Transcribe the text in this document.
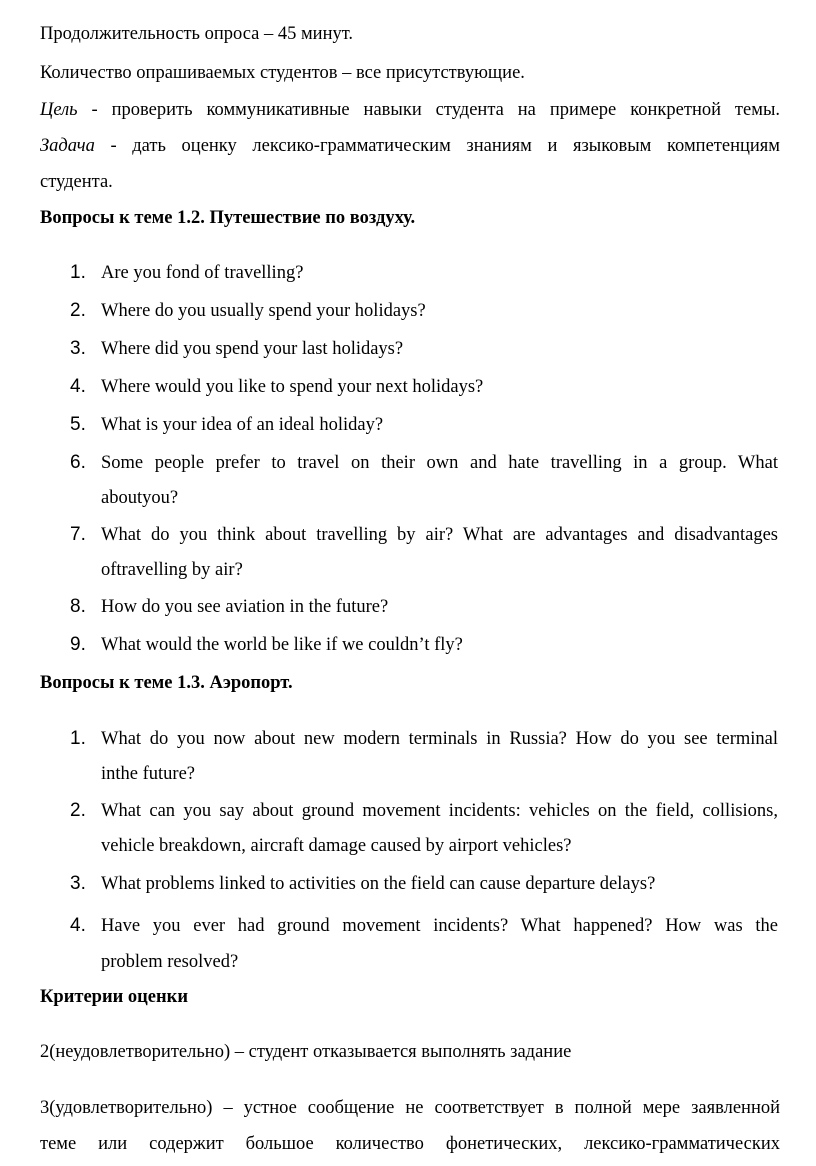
Продолжительность опроса – 45 минут.
Количество опрашиваемых студентов – все присутствующие.
Цель - проверить коммуникативные навыки студента на примере конкретной темы.
Задача - дать оценку лексико-грамматическим знаниям и языковым компетенциям
студента.
Вопросы к теме 1.2. Путешествие по воздуху.
1. Are you fond of travelling?
2. Where do you usually spend your holidays?
3. Where did you spend your last holidays?
4. Where would you like to spend your next holidays?
5. What is your idea of an ideal holiday?
6. Some people prefer to travel on their own and hate travelling in a group. What
aboutyou?
7. What do you think about travelling by air? What are advantages and disadvantages
oftravelling by air?
8. How do you see aviation in the future?
9. What would the world be like if we couldn’t fly?
Вопросы к теме 1.3. Аэропорт.
1. What do you now about new modern terminals in Russia? How do you see terminal
inthe future?
2. What can you say about ground movement incidents: vehicles on the field, collisions,
vehicle breakdown, aircraft damage caused by airport vehicles?
3. What problems linked to activities on the field can cause departure delays?
4. Have you ever had ground movement incidents? What happened? How was the
problem resolved?
Критерии оценки
2(неудовлетворительно) – студент отказывается выполнять задание
3(удовлетворительно) – устное сообщение не соответствует в полной мере заявленной
теме или содержит большое количество фонетических, лексико-грамматических
